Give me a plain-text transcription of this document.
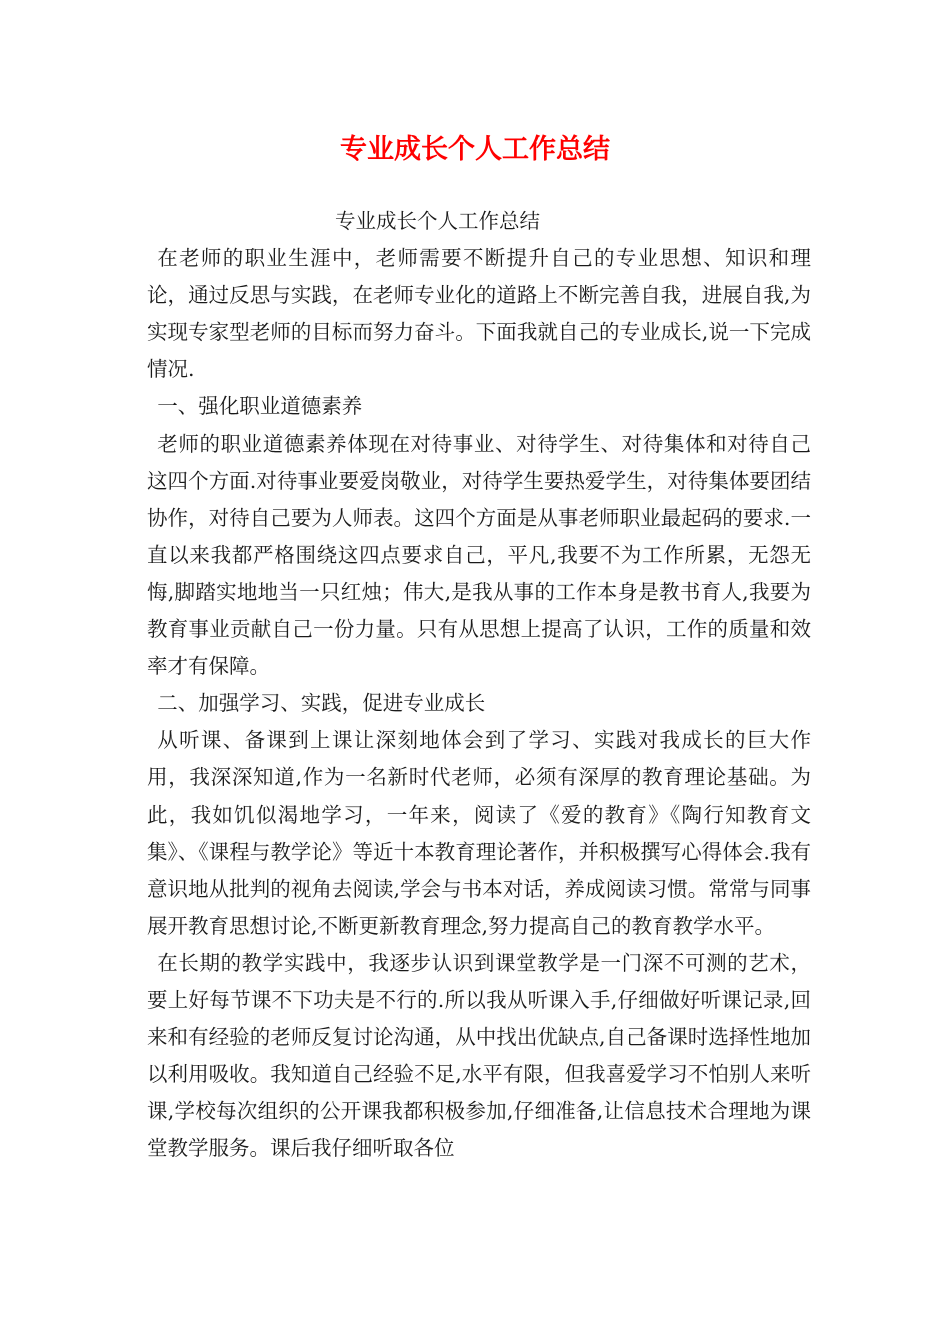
专业成长个人工作总结

专业成长个人工作总结

在老师的职业生涯中，老师需要不断提升自己的专业思想、知识和理论，通过反思与实践，在老师专业化的道路上不断完善自我，进展自我,为实现专家型老师的目标而努力奋斗。下面我就自己的专业成长,说一下完成情况.

一、强化职业道德素养

老师的职业道德素养体现在对待事业、对待学生、对待集体和对待自己这四个方面.对待事业要爱岗敬业，对待学生要热爱学生，对待集体要团结协作，对待自己要为人师表。这四个方面是从事老师职业最起码的要求.一直以来我都严格围绕这四点要求自己，平凡,我要不为工作所累，无怨无悔,脚踏实地地当一只红烛；伟大,是我从事的工作本身是教书育人,我要为教育事业贡献自己一份力量。只有从思想上提高了认识，工作的质量和效率才有保障。

二、加强学习、实践，促进专业成长

从听课、备课到上课让深刻地体会到了学习、实践对我成长的巨大作用，我深深知道,作为一名新时代老师，必须有深厚的教育理论基础。为此，我如饥似渴地学习，一年来，阅读了《爱的教育》《陶行知教育文集》、《课程与教学论》等近十本教育理论著作，并积极撰写心得体会.我有意识地从批判的视角去阅读,学会与书本对话，养成阅读习惯。常常与同事展开教育思想讨论,不断更新教育理念,努力提高自己的教育教学水平。

在长期的教学实践中，我逐步认识到课堂教学是一门深不可测的艺术，要上好每节课不下功夫是不行的.所以我从听课入手,仔细做好听课记录,回来和有经验的老师反复讨论沟通，从中找出优缺点,自己备课时选择性地加以利用吸收。我知道自己经验不足,水平有限，但我喜爱学习不怕别人来听课,学校每次组织的公开课我都积极参加,仔细准备,让信息技术合理地为课堂教学服务。课后我仔细听取各位
